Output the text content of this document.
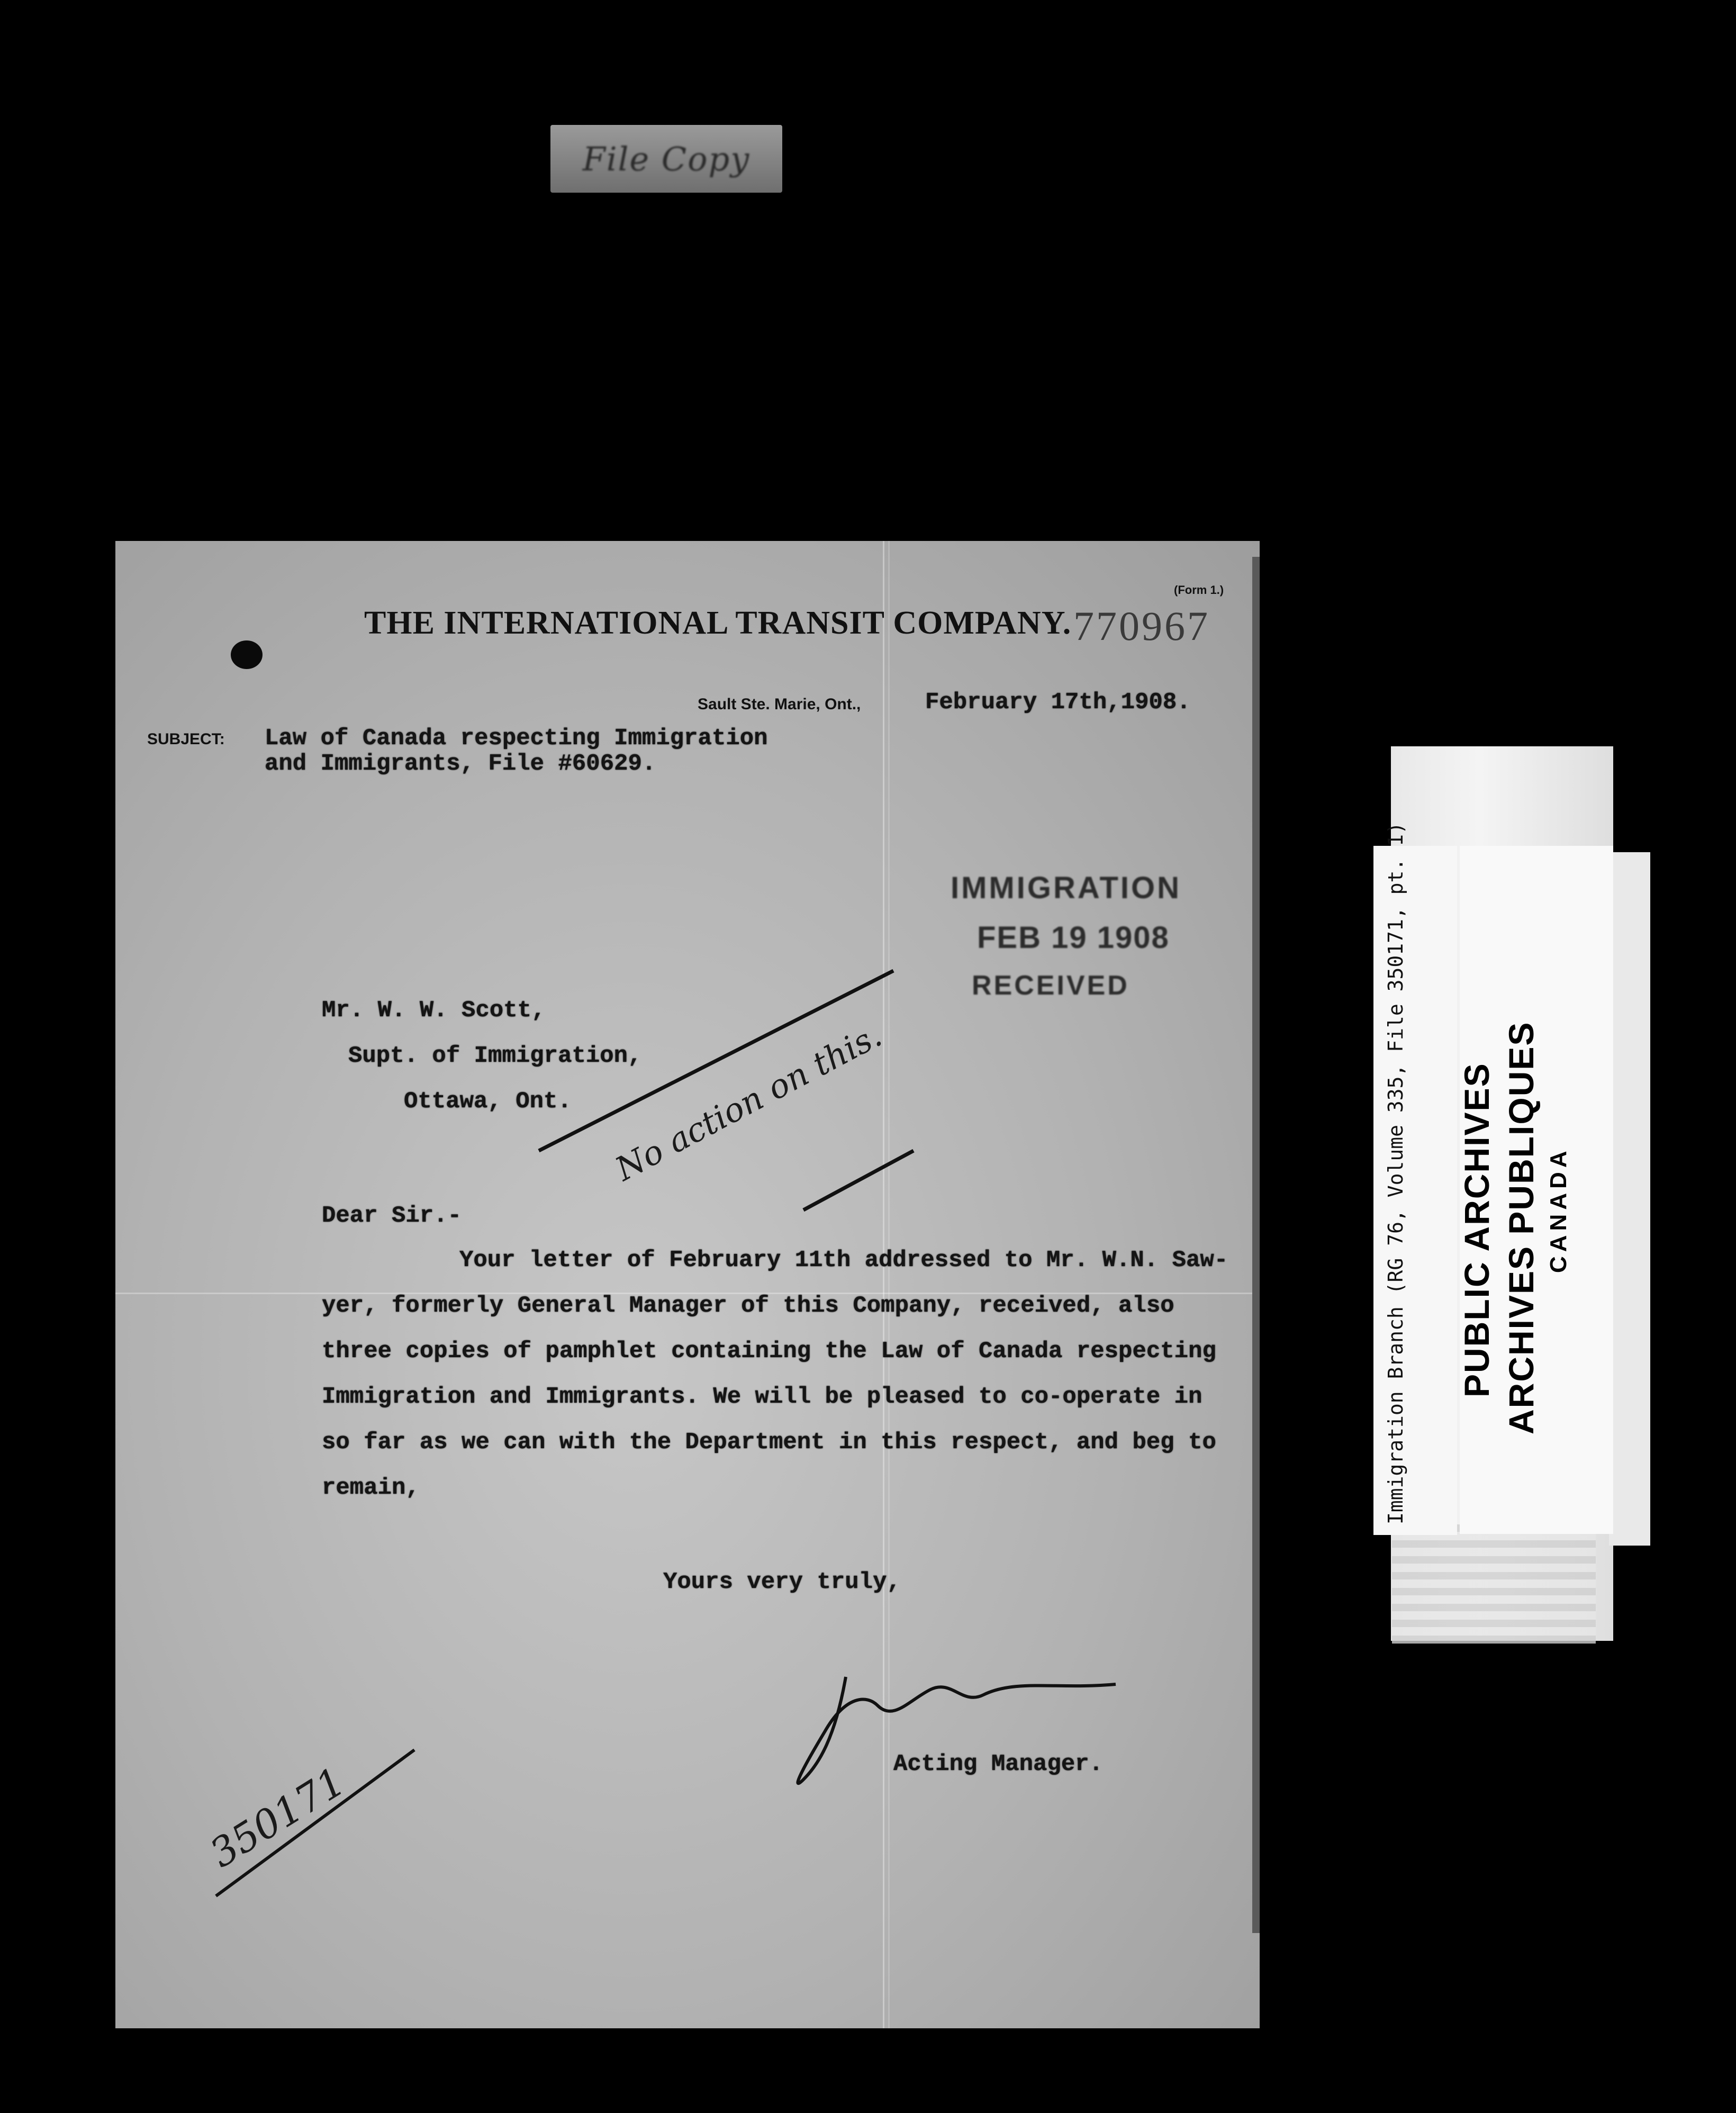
File Copy
(Form 1.)
THE INTERNATIONAL TRANSIT COMPANY. 770967
Sault Ste. Marie, Ont.,	February 17th,1908.
SUBJECT: Law of Canada respecting Immigration
and Immigrants, File #60629.
IMMIGRATION
FEB 19 1908
RECEIVED
Mr. W. W. Scott,
Supt. of Immigration,
Ottawa, Ont. No action on this.
Dear Sir.-
Your letter of February 11th addressed to Mr. W.N. Saw-
yer, formerly General Manager of this Company, received, also
three copies of pamphlet containing the Law of Canada respecting
Immigration and Immigrants. We will be pleased to co-operate in
so far as we can with the Department in this respect, and beg to
remain,
Yours very truly,
Acting Manager.
350171
Immigration Branch (RG 76, Volume 335, File 350171, pt. 1) PUBLIC ARCHIVES ARCHIVES PUBLIQUES CANADA
